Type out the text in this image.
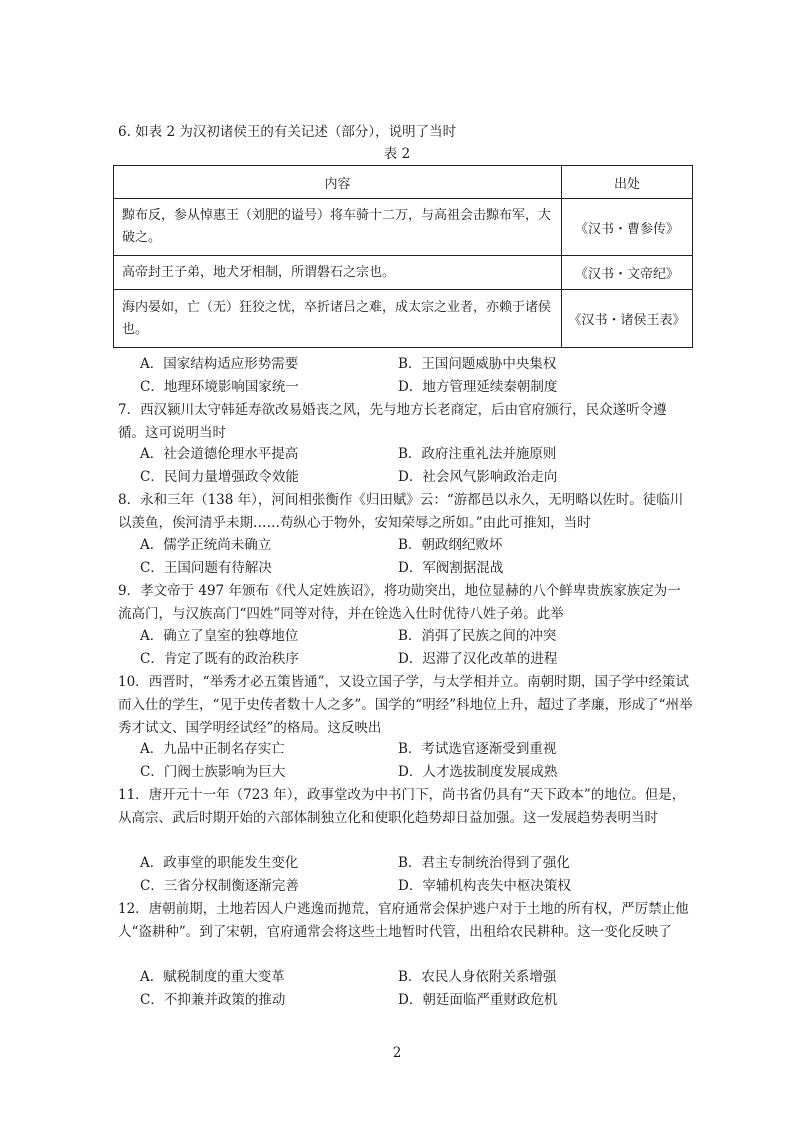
6. 如表 2 为汉初诸侯王的有关记述（部分），说明了当时

表 2
内容	出处
黥布反，参从悼惠王（刘肥的谥号）将车骑十二万，与高祖会击黥布军，大破之。	《汉书・曹参传》
高帝封王子弟，地犬牙相制，所谓磐石之宗也。	《汉书・文帝纪》
海内晏如，亡（无）狂狡之忧，卒折诸吕之难，成太宗之业者，亦赖于诸侯也。	《汉书・诸侯王表》
A．国家结构适应形势需要	B．王国问题威胁中央集权
C．地理环境影响国家统一	D．地方管理延续秦朝制度

7．西汉颍川太守韩延寿欲改易婚丧之风，先与地方长老商定，后由官府颁行，民众遂听令遵循。这可说明当时

A．社会道德伦理水平提高	B．政府注重礼法并施原则
C．民间力量增强政令效能	D．社会风气影响政治走向

8．永和三年（138 年），河间相张衡作《归田赋》云：“游都邑以永久，无明略以佐时。徒临川以羡鱼，俟河清乎未期……苟纵心于物外，安知荣辱之所如。”由此可推知，当时

A．儒学正统尚未确立	B．朝政纲纪败坏
C．王国问题有待解决	D．军阀割据混战

9．孝文帝于 497 年颁布《代人定姓族诏》，将功勋突出，地位显赫的八个鲜卑贵族家族定为一流高门，与汉族高门“四姓”同等对待，并在铨选入仕时优待八姓子弟。此举

A．确立了皇室的独尊地位	B．消弭了民族之间的冲突
C．肯定了既有的政治秩序	D．迟滞了汉化改革的进程

10．西晋时，“举秀才必五策皆通”，又设立国子学，与太学相并立。南朝时期，国子学中经策试而入仕的学生，“见于史传者数十人之多”。国学的“明经”科地位上升，超过了孝廉，形成了“州举秀才试文、国学明经试经”的格局。这反映出

A．九品中正制名存实亡	B．考试选官逐渐受到重视
C．门阀士族影响为巨大	D．人才选拔制度发展成熟

11．唐开元十一年（723 年），政事堂改为中书门下，尚书省仍具有“天下政本”的地位。但是，从高宗、武后时期开始的六部体制独立化和使职化趋势却日益加强。这一发展趋势表明当时

A．政事堂的职能发生变化	B．君主专制统治得到了强化
C．三省分权制衡逐渐完善	D．宰辅机构丧失中枢决策权

12．唐朝前期，土地若因人户逃逸而抛荒，官府通常会保护逃户对于土地的所有权，严厉禁止他人“盗耕种”。到了宋朝，官府通常会将这些土地暂时代管，出租给农民耕种。这一变化反映了

A．赋税制度的重大变革	B．农民人身依附关系增强
C．不抑兼并政策的推动	D．朝廷面临严重财政危机
2
